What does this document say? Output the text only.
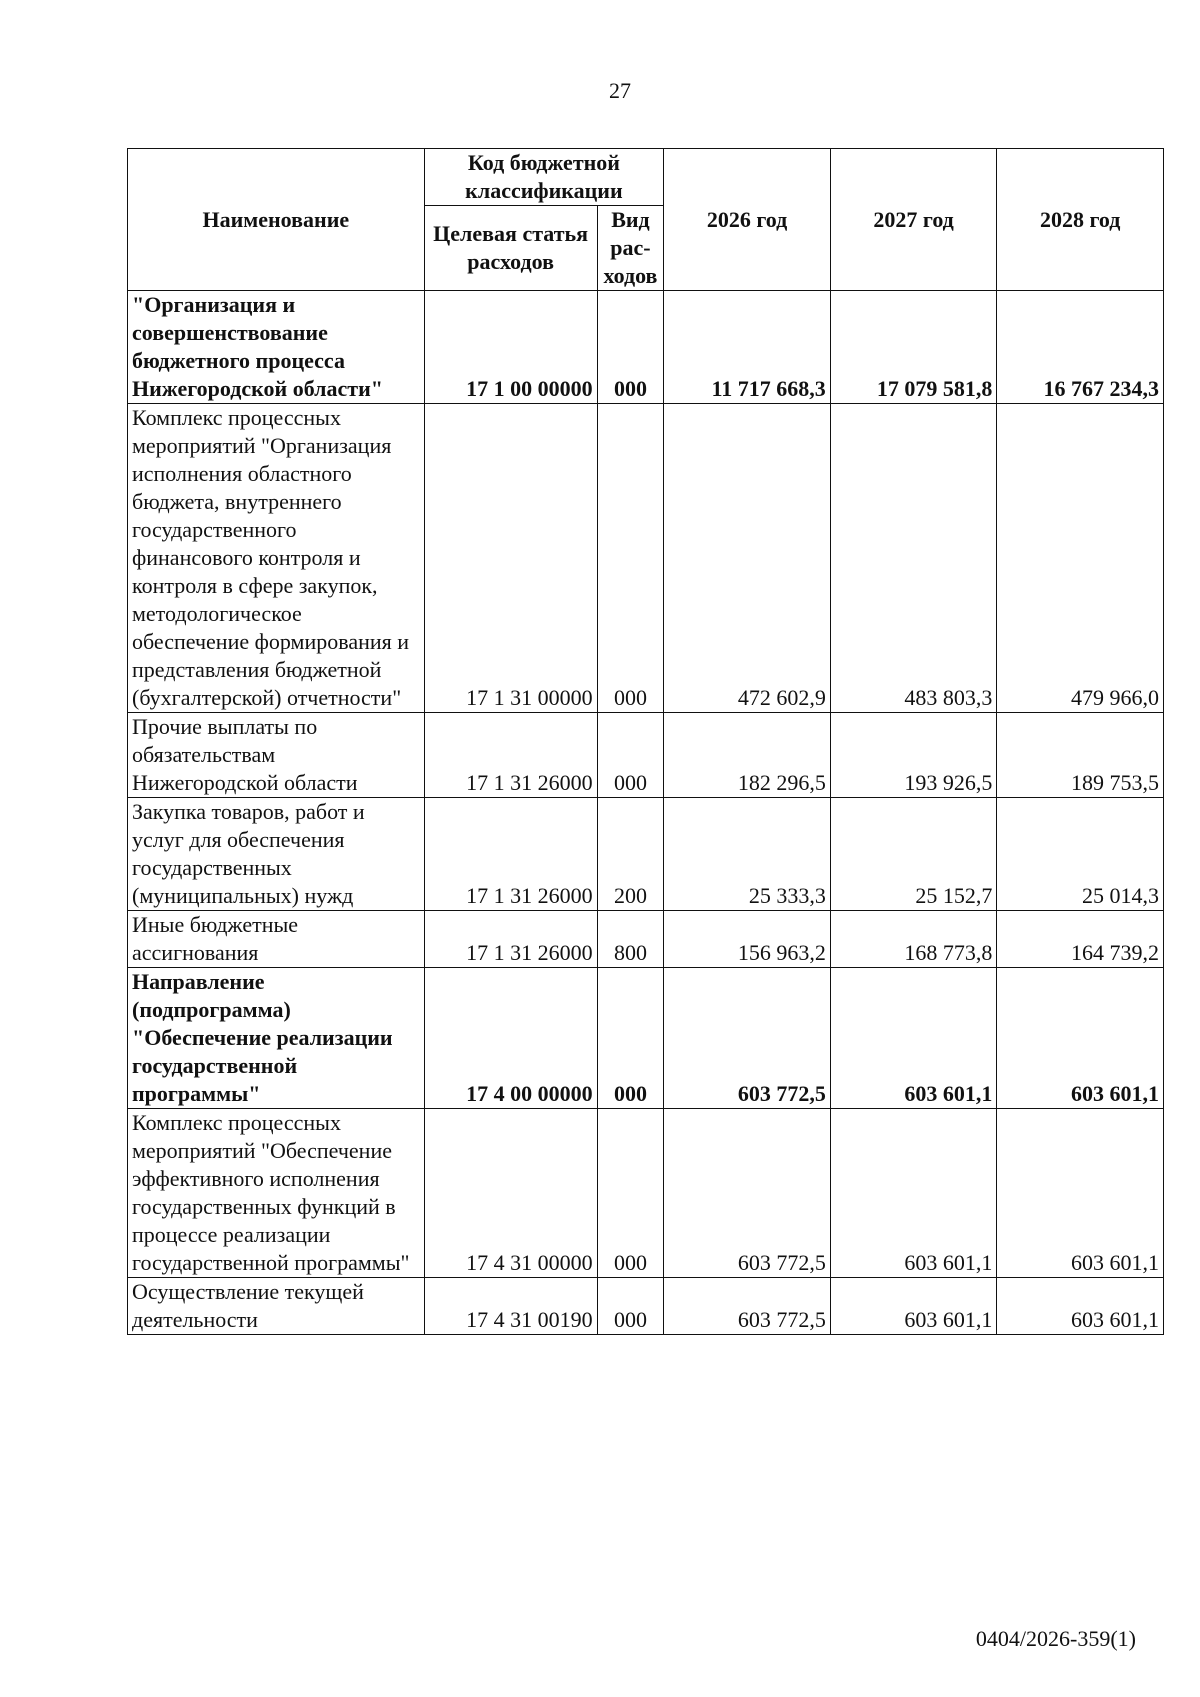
27
Наименование	Код бюджетной классификации		2026 год	2027 год	2028 год
	Целевая статья расходов	Вид рас-ходов			
"Организация и совершенствование бюджетного процесса Нижегородской области"	17 1 00 00000	000	11 717 668,3	17 079 581,8	16 767 234,3
Комплекс процессных мероприятий "Организация исполнения областного бюджета, внутреннего государственного финансового контроля и контроля в сфере закупок, методологическое обеспечение формирования и представления бюджетной (бухгалтерской) отчетности"	17 1 31 00000	000	472 602,9	483 803,3	479 966,0
Прочие выплаты по обязательствам Нижегородской области	17 1 31 26000	000	182 296,5	193 926,5	189 753,5
Закупка товаров, работ и услуг для обеспечения государственных (муниципальных) нужд	17 1 31 26000	200	25 333,3	25 152,7	25 014,3
Иные бюджетные ассигнования	17 1 31 26000	800	156 963,2	168 773,8	164 739,2
Направление (подпрограмма) "Обеспечение реализации государственной программы"	17 4 00 00000	000	603 772,5	603 601,1	603 601,1
Комплекс процессных мероприятий "Обеспечение эффективного исполнения государственных функций в процессе реализации государственной программы"	17 4 31 00000	000	603 772,5	603 601,1	603 601,1
Осуществление текущей деятельности	17 4 31 00190	000	603 772,5	603 601,1	603 601,1
0404/2026-359(1)
